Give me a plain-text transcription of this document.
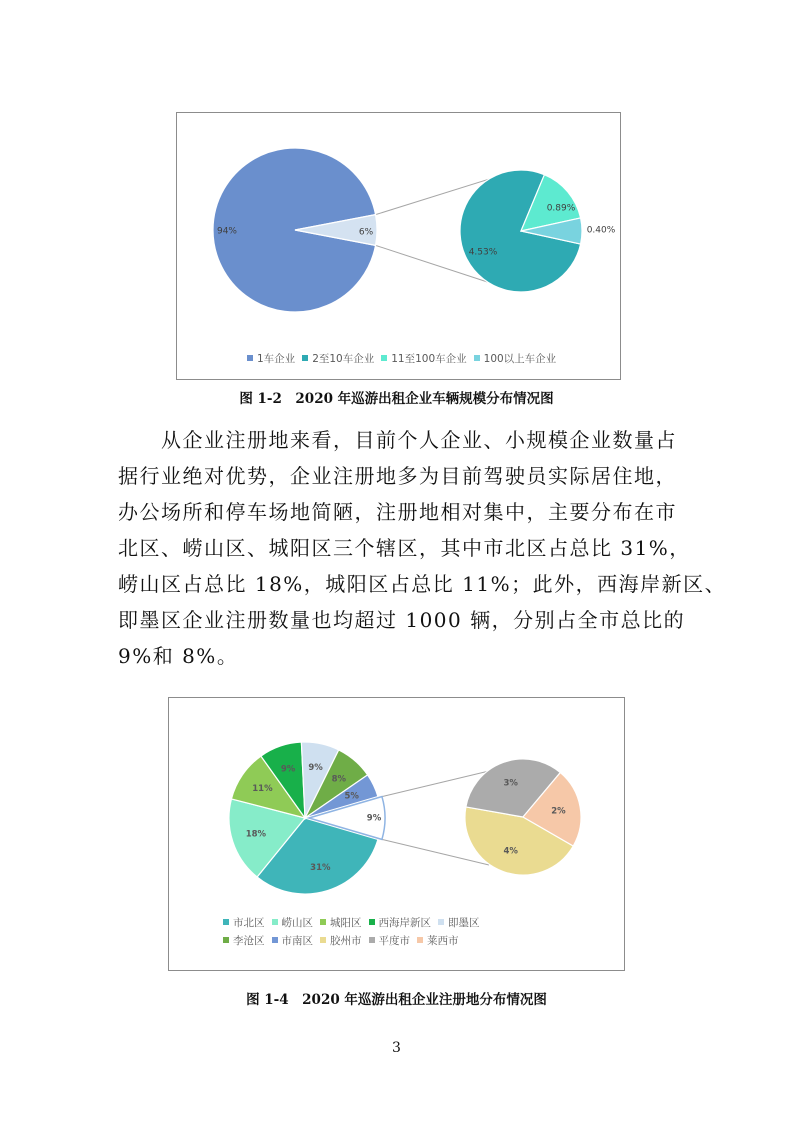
94%	6%
4.53%
0.89%
0.40%
1车企业 2至10车企业 11至100车企业 100以上车企业
图 1-2　2020 年巡游出租企业车辆规模分布情况图
　　从企业注册地来看，目前个人企业、小规模企业数量占
据行业绝对优势，企业注册地多为目前驾驶员实际居住地，
办公场所和停车场地简陋，注册地相对集中，主要分布在市
北区、崂山区、城阳区三个辖区，其中市北区占总比 31%，
崂山区占总比 18%，城阳区占总比 11%；此外，西海岸新区、
即墨区企业注册数量也均超过 1000 辆，分别占全市总比的
9%和 8%。
31%
18%
11%
9% 9%
8%
5%
9%
4%
3%
2%
市北区 崂山区 城阳区 西海岸新区 即墨区
李沧区 市南区 胶州市 平度市 莱西市
图 1-4　2020 年巡游出租企业注册地分布情况图
3
